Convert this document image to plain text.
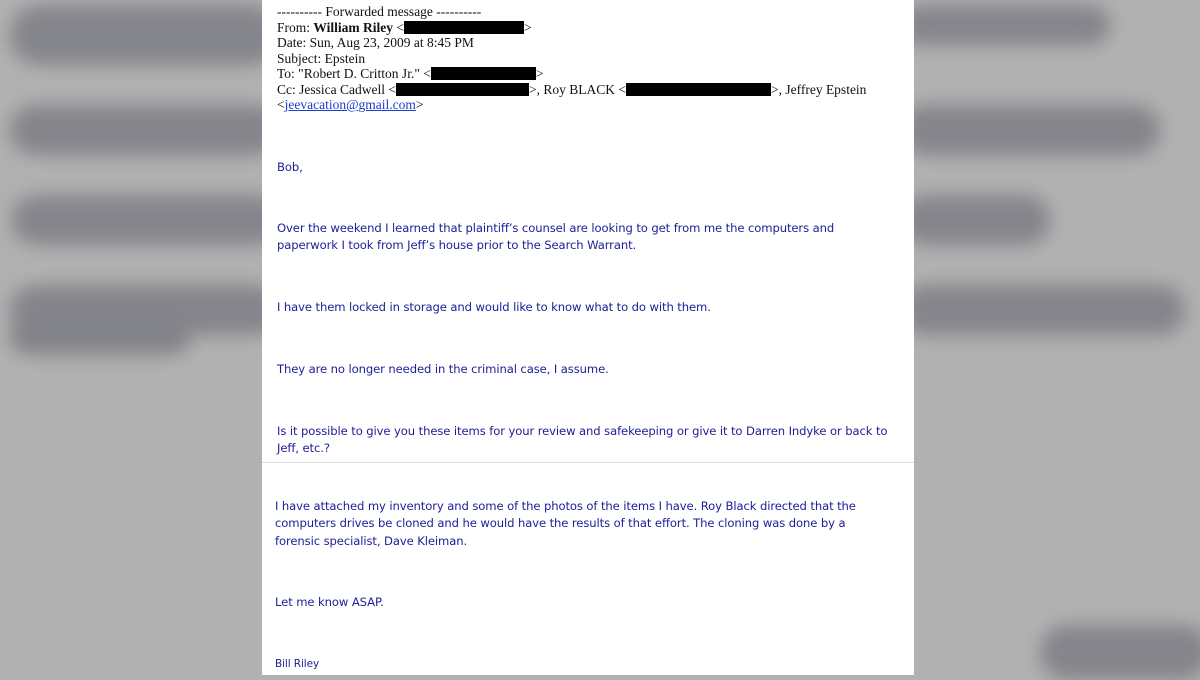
---------- Forwarded message ----------
From: William Riley <	>
Date: Sun, Aug 23, 2009 at 8:45 PM
Subject: Epstein
To: "Robert D. Critton Jr." <	>
Cc: Jessica Cadwell <	>, Roy BLACK <	>, Jeffrey Epstein
<jeevacation@gmail.com>
Bob,
Over the weekend I learned that plaintiff’s counsel are looking to get from me the computers and paperwork I took from Jeff’s house prior to the Search Warrant.
I have them locked in storage and would like to know what to do with them.
They are no longer needed in the criminal case, I assume.
Is it possible to give you these items for your review and safekeeping or give it to Darren Indyke or back to Jeff, etc.?
I have attached my inventory and some of the photos of the items I have. Roy Black directed that the computers drives be cloned and he would have the results of that effort. The cloning was done by a forensic specialist, Dave Kleiman.
Let me know ASAP.
Bill Riley
